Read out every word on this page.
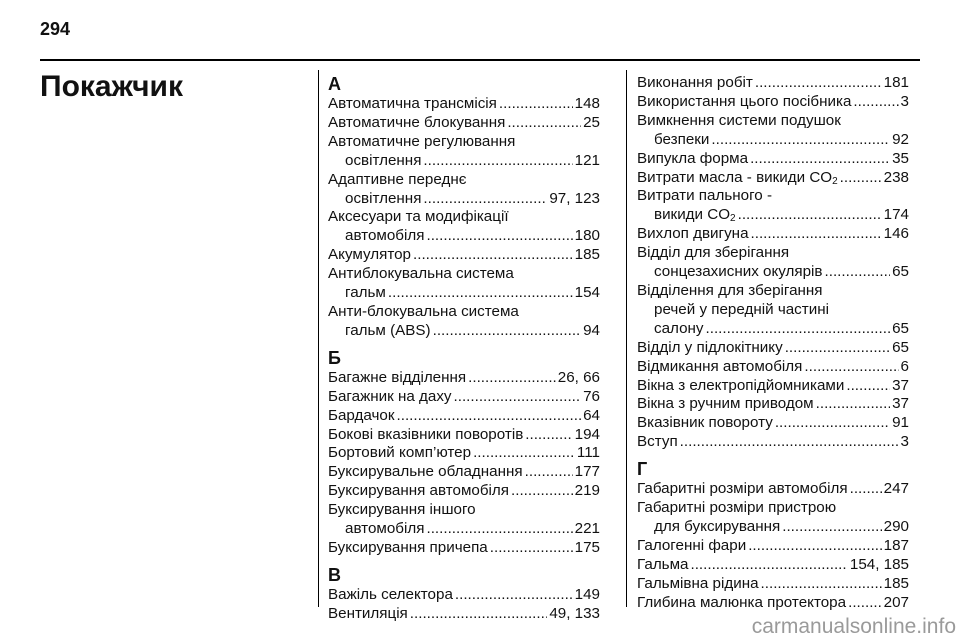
294
Покажчик	А
Автоматична трансмісія .....	148
Автоматичне блокування .....	25
Автоматичне регулювання
освітлення .....	121
Адаптивне переднє
освітлення .....	97, 123
Аксесуари та модифікації
автомобіля .....	180
Акумулятор .....	185
Антиблокувальна система
гальм .....	154
Анти-блокувальна система
гальм (ABS) .....	94
Б
Багажне відділення .....	26, 66
Багажник на даху .....	76
Бардачок .....	64
Бокові вказівники поворотів .....	194
Бортовий комп’ютер .....	111
Буксирувальне обладнання .....	177
Буксирування автомобіля .....	219
Буксирування іншого
автомобіля .....	221
Буксирування причепа .....	175
В
Важіль селектора .....	149
Вентиляція .....	49, 133
Виконання робіт .....	181
Використання цього посібника .....	3
Вимкнення системи подушок
безпеки .....	92
Випукла форма .....	35
Витрати масла - викиди $CO_2$ .....	238
Витрати пального -
викиди $CO_2$ .....	174
Вихлоп двигуна .....	146
Відділ для зберігання
сонцезахисних окулярів .....	65
Відділення для зберігання
речей у передній частині
салону .....	65
Відділ у підлокітнику .....	65
Відмикання автомобіля .....	6
Вікна з електропідйомниками .....	37
Вікна з ручним приводом .....	37
Вказівник повороту .....	91
Вступ .....	3
Г
Габаритні розміри автомобіля ..... 247
Габаритні розміри пристрою
для буксирування .....	290
Галогенні фари .....	187
Гальма .....	154, 185
Гальмівна рідина .....	185
Глибина малюнка протектора ..... 207
carmanualsonline.info
